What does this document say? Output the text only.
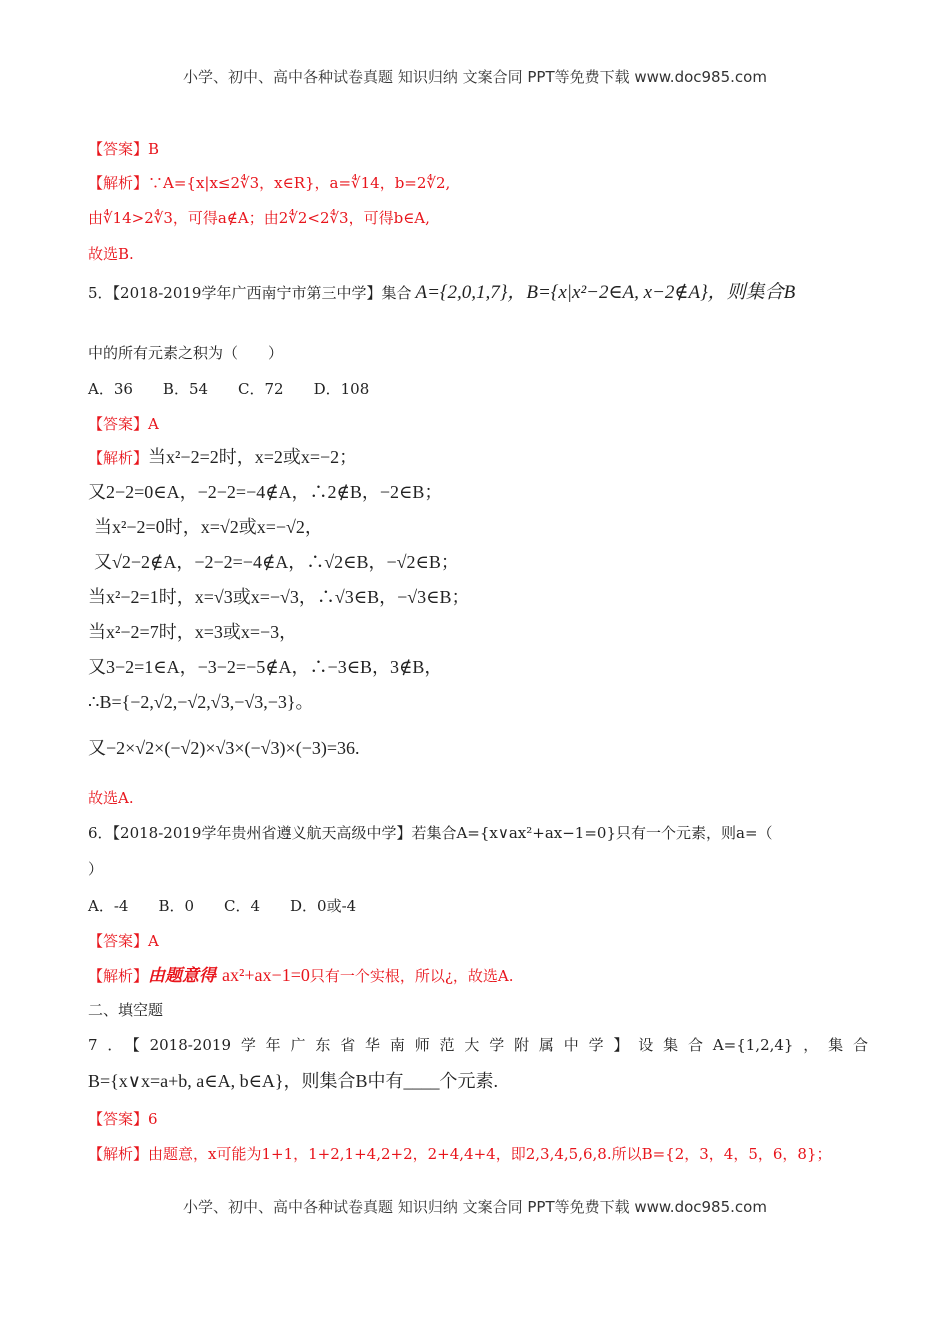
小学、初中、高中各种试卷真题 知识归纳 文案合同 PPT等免费下载 www.doc985.com
【答案】B
【解析】∵A={x|x≤2∜3，x∈R}，a=∜14，b=2∜2,
由∜14>2∜3，可得a∉A；由2∜2<2∜3，可得b∈A,
故选B.
5．【2018-2019学年广西南宁市第三中学】集合 A={2,0,1,7}，B={x|x²−2∈A, x−2∉A}，则集合B
中的所有元素之积为（　　）
A．36　　B．54　　C．72　　D．108
【答案】A
【解析】当x²−2=2时，x=2或x=−2；
又2−2=0∈A，−2−2=−4∉A，∴2∉B，−2∈B；
当x²−2=0时，x=√2或x=−√2，
又√2−2∉A，−2−2=−4∉A，∴√2∈B，−√2∈B；
当x²−2=1时，x=√3或x=−√3，∴√3∈B，−√3∈B；
当x²−2=7时，x=3或x=−3，
又3−2=1∈A，−3−2=−5∉A，∴−3∈B，3∉B，
∴B={−2,√2,−√2,√3,−√3,−3}。
又−2×√2×(−√2)×√3×(−√3)×(−3)=36.
故选A.
6．【2018-2019学年贵州省遵义航天高级中学】若集合A={x∨ax²+ax−1=0}只有一个元素，则a=（
）
A．-4　　B．0　　C．4　　D．0或-4
【答案】A
【解析】由题意得 ax²+ax−1=0只有一个实根，所以¿，故选A.
二、填空题
7．【2018-2019学年广东省华南师范大学附属中学】设集合A={1,2,4}，集合
B={x∨x=a+b, a∈A, b∈A}，则集合B中有____个元素.
【答案】6
【解析】由题意，x可能为1+1，1+2,1+4,2+2，2+4,4+4，即2,3,4,5,6,8.所以B={2，3，4，5，6，8}；
小学、初中、高中各种试卷真题 知识归纳 文案合同 PPT等免费下载 www.doc985.com
